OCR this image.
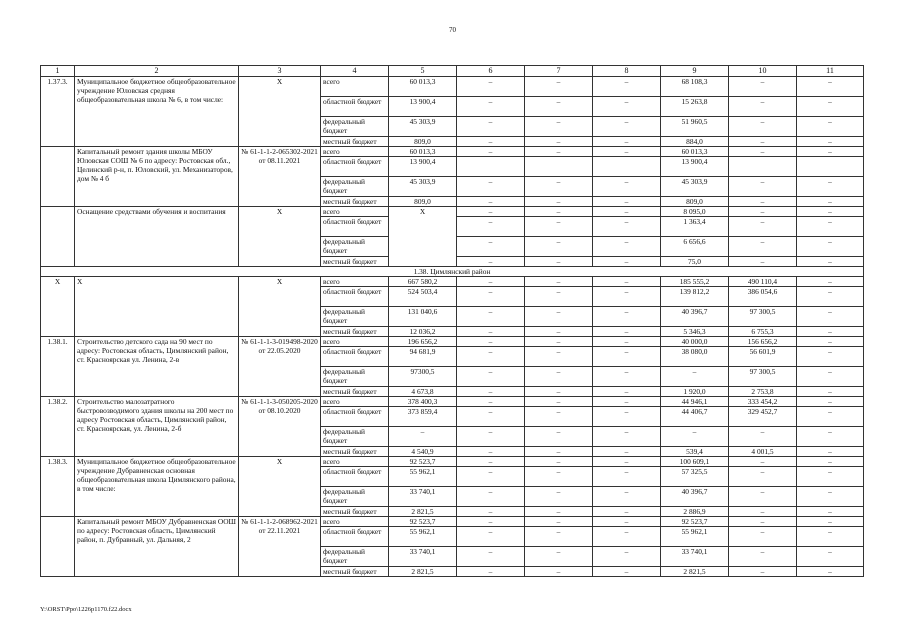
70
1	2	3	4	5	6	7	8	9	10	11
1.37.3.	Муниципальное бюджетное общеобразовательное учреждение Юловская средняя общеобразовательная школа № 6, в том числе:	X	всего	60 013,3	–	–	–	68 108,3	–	–
			областной бюджет	13 900,4	–	–	–	15 263,8	–	–
			федеральный бюджет	45 303,9	–	–	–	51 960,5	–	–
			местный бюджет	809,0	–	–	–	884,0	–	–
	Капитальный ремонт здания школы МБОУ Юловская СОШ № 6 по адресу: Ростовская обл., Целинский р-н, п. Юловский, ул. Механизаторов, дом № 4 б	№ 61-1-1-2-065302-2021 от 08.11.2021	всего	60 013,3	–	–	–	60 013,3	–	–
			областной бюджет	13 900,4				13 900,4		
			федеральный бюджет	45 303,9	–	–	–	45 303,9	–	–
			местный бюджет	809,0	–	–	–	809,0	–	–
	Оснащение средствами обучения и воспитания	X	всего	X	–	–	–	8 095,0	–	–
			областной бюджет		–	–	–	1 363,4	–	–
			федеральный бюджет		–	–	–	6 656,6	–	–
			местный бюджет		–	–	–	75,0	–	–
1.38. Цимлянский район										
X	X	X	всего	667 580,2	–	–	–	185 555,2	490 110,4	–
			областной бюджет	524 503,4	–	–	–	139 812,2	386 054,6	–
			федеральный бюджет	131 040,6	–	–	–	40 396,7	97 300,5	–
			местный бюджет	12 036,2	–	–	–	5 346,3	6 755,3	–
1.38.1.	Строительство детского сада на 90 мест по адресу: Ростовская область, Цимлянский район, ст. Красноярская ул. Ленина, 2-в	№ 61-1-1-3-019498-2020 от 22.05.2020	всего	196 656,2	–	–	–	40 000,0	156 656,2	–
			областной бюджет	94 681,9	–	–	–	38 080,0	56 601,9	–
			федеральный бюджет	97300,5	–	–	–	–	97 300,5	–
			местный бюджет	4 673,8	–	–	–	1 920,0	2 753,8	–
1.38.2.	Строительство малозатратного быстровозводимого здания школы на 200 мест по адресу Ростовская область, Цимлянский район, ст. Красноярская, ул. Ленина, 2-б	№ 61-1-1-3-050205-2020 от 08.10.2020	всего	378 400,3	–	–	–	44 946,1	333 454,2	–
			областной бюджет	373 859,4	–	–	–	44 406,7	329 452,7	–
			федеральный бюджет	–	–	–	–	–	–	–
			местный бюджет	4 540,9	–	–	–	539,4	4 001,5	–
1.38.3.	Муниципальное бюджетное общеобразовательное учреждение Дубравненская основная общеобразовательная школа Цимлянского района, в том числе:	X	всего	92 523,7	–	–	–	100 609,1	–	–
			областной бюджет	55 962,1	–	–	–	57 325,5	–	–
			федеральный бюджет	33 740,1	–	–	–	40 396,7	–	–
			местный бюджет	2 821,5	–	–	–	2 886,9	–	–
	Капитальный ремонт МБОУ Дубравненская ООШ по адресу: Ростовская область, Цимлянский район, п. Дубравный, ул. Дальняя, 2	№ 61-1-1-2-068962-2021 от 22.11.2021	всего	92 523,7	–	–	–	92 523,7	–	–
			областной бюджет	55 962,1	–	–	–	55 962,1	–	–
			федеральный бюджет	33 740,1	–	–	–	33 740,1	–	–
			местный бюджет	2 821,5	–	–	–	2 821,5	–	–
Y:\ORST\Ppo\1226p1170.f22.docx
